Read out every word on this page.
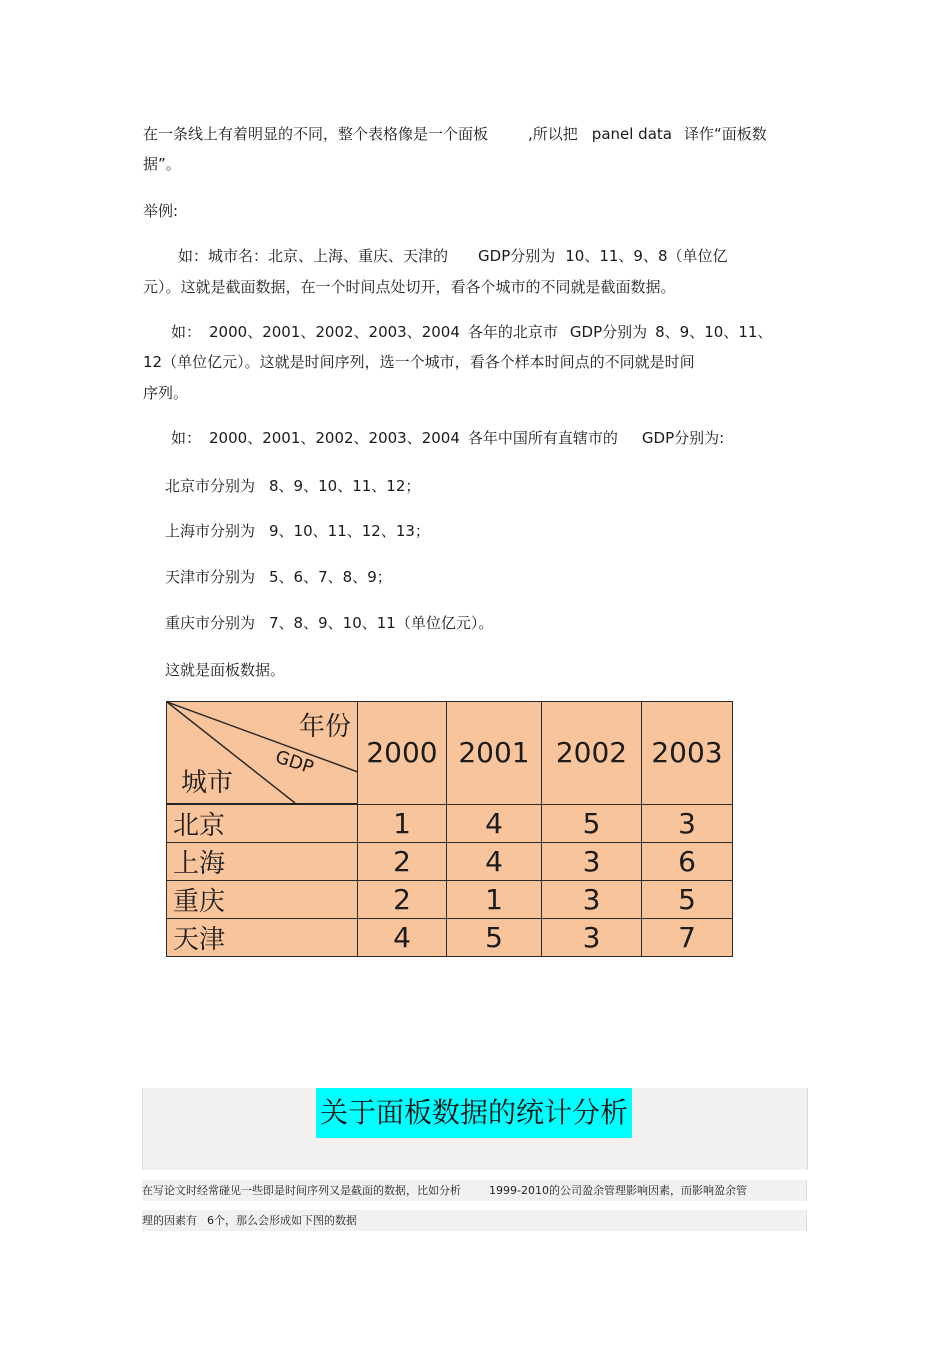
在一条线上有着明显的不同，整个表格像是一个面板	,所以把 panel data 译作“面板数
据”。
举例:
如：城市名：北京、上海、重庆、天津的 GDP分别为 10、11、9、8（单位亿
元）。这就是截面数据，在一个时间点处切开，看各个城市的不同就是截面数据。
如： 2000、2001、2002、2003、2004 各年的北京市 GDP分别为 8、9、10、11、
12（单位亿元）。这就是时间序列，选一个城市，看各个样本时间点的不同就是时间
序列。
如： 2000、2001、2002、2003、2004 各年中国所有直辖市的 GDP分别为:
北京市分别为 8、9、10、11、12；
上海市分别为 9、10、11、12、13；
天津市分别为 5、6、7、8、9；
重庆市分别为 7、8、9、10、11（单位亿元）。
这就是面板数据。
年份
GDP
城市	2000	2001	2002	2003
北京	1	4	5	3
上海	2	4	3	6
重庆	2	1	3	5
天津	4	5	3	7
关于面板数据的统计分析
在写论文时经常碰见一些即是时间序列又是截面的数据，比如分析	1999-2010的公司盈余管理影响因素，而影响盈余管
理的因素有 6个，那么会形成如下图的数据
